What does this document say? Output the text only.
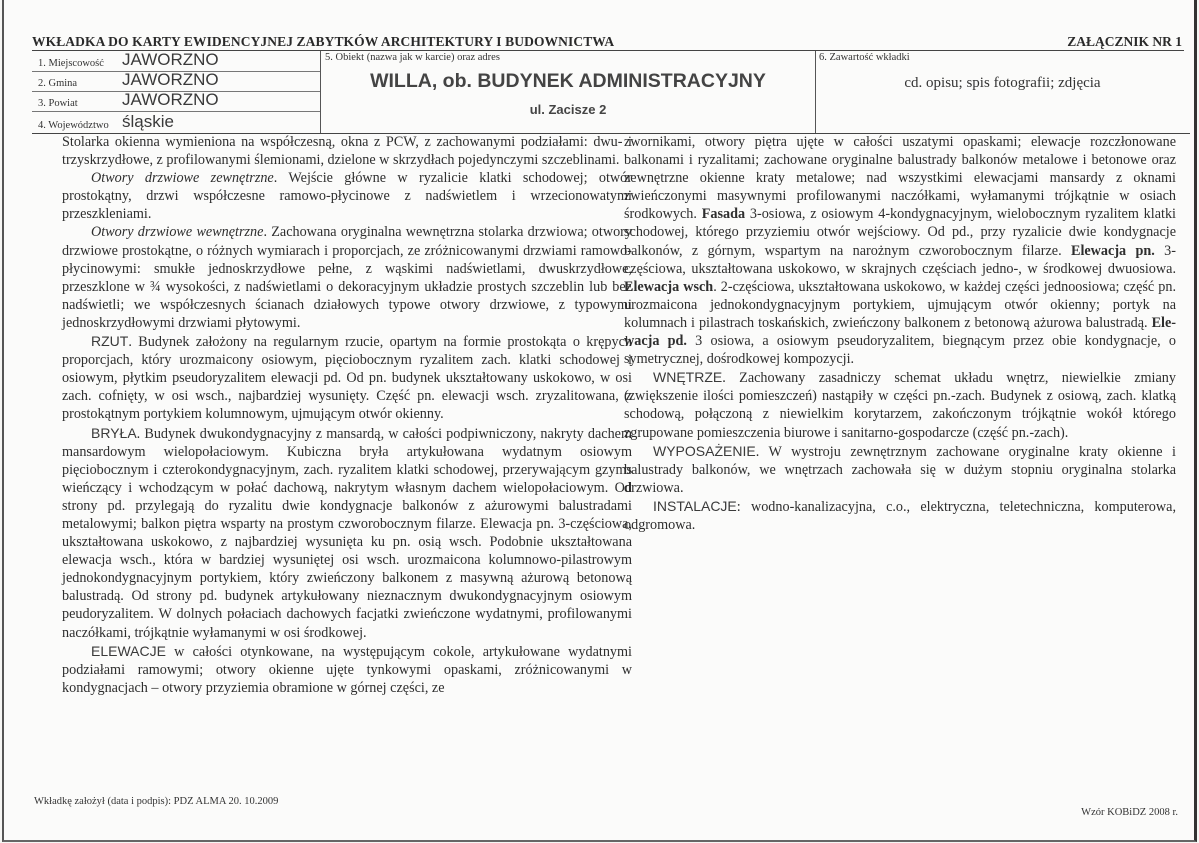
WKŁADKA DO KARTY EWIDENCYJNEJ ZABYTKÓW ARCHITEKTURY I BUDOWNICTWA	ZAŁĄCZNIK NR 1
1. Miejscowość JAWORZNO
2. Gmina	JAWORZNO
3. Powiat	JAWORZNO
4. Województwo śląskie
5. Obiekt (nazwa jak w karcie) oraz adres
WILLA, ob. BUDYNEK ADMINISTRACYJNY
ul. Zacisze 2
6. Zawartość wkładki
cd. opisu; spis fotografii; zdjęcia

Stolarka okienna wymieniona na współczesną, okna z PCW, z zachowanymi podziałami: dwu- i trzyskrzydłowe, z profilowanymi ślemionami, dzielone w skrzydłach pojedynczymi szczeblinami.

Otwory drzwiowe zewnętrzne. Wejście główne w ryzalicie klatki schodowej; otwór prostokątny, drzwi współczesne ramowo-płycinowe z nadświetlem i wrzecionowatymi przeszkleniami.

Otwory drzwiowe wewnętrzne. Zachowana oryginalna wewnętrzna stolarka drzwiowa; otwory drzwiowe prostokątne, o różnych wymiarach i proporcjach, ze zróżnicowanymi drzwiami ramowo-płycinowymi: smukłe jednoskrzydłowe pełne, z wąskimi nadświetlami, dwuskrzydłowe, przeszklone w ¾ wysokości, z nadświetlami o dekoracyjnym układzie prostych szczeblin lub bez nadświetli; we współczesnych ścianach działowych typowe otwory drzwiowe, z typowymi jednoskrzydłowymi drzwiami płytowymi.

RZUT. Budynek założony na regularnym rzucie, opartym na formie prostokąta o krępych proporcjach, który urozmaicony osiowym, pięciobocznym ryzalitem zach. klatki schodowej i osiowym, płytkim pseudoryzalitem elewacji pd. Od pn. budynek ukształtowany uskokowo, w osi zach. cofnięty, w osi wsch., najbardziej wysunięty. Część pn. elewacji wsch. zryzalitowana, z prostokątnym portykiem kolumnowym, ujmującym otwór okienny.

BRYŁA. Budynek dwukondygnacyjny z mansardą, w całości podpiwniczony, nakryty dachem mansardowym wielopołaciowym. Kubiczna bryła artykułowana wydatnym osiowym pięciobocznym i czterokondygnacyjnym, zach. ryzalitem klatki schodowej, przerywającym gzyms wieńczący i wchodzącym w połać dachową, nakrytym własnym dachem wielopołaciowym. Od strony pd. przylegają do ryzalitu dwie kondygnacje balkonów z ażurowymi balustradami metalowymi; balkon piętra wsparty na prostym czworobocznym filarze. Elewacja pn. 3-częściowa, ukształtowana uskokowo, z najbardziej wysunięta ku pn. osią wsch. Podobnie ukształtowana elewacja wsch., która w bardziej wysuniętej osi wsch. urozmaicona kolumnowo-pilastrowym jednokondygnacyjnym portykiem, który zwieńczony balkonem z masywną ażurową betonową balustradą. Od strony pd. budynek artykułowany nieznacznym dwukondygnacyjnym osiowym peudoryzalitem. W dolnych połaciach dachowych facjatki zwieńczone wydatnymi, profilowanymi naczółkami, trójkątnie wyłamanymi w osi środkowej.

ELEWACJE w całości otynkowane, na występującym cokole, artykułowane wydatnymi podziałami ramowymi; otwory okienne ujęte tynkowymi opaskami, zróżnicowanymi w kondygnacjach – otwory przyziemia obramione w górnej części, ze

zwornikami, otwory piętra ujęte w całości uszatymi opaskami; elewacje rozczłonowane balkonami i ryzalitami; zachowane oryginalne balustrady balkonów metalowe i betonowe oraz zewnętrzne okienne kraty metalowe; nad wszystkimi elewacjami mansardy z oknami zwieńczonymi masywnymi profilowanymi naczółkami, wyłamanymi trójkątnie w osiach środkowych. Fasada 3-osiowa, z osiowym 4-kondygnacyjnym, wielobocznym ryzalitem klatki schodowej, którego przyziemiu otwór wejściowy. Od pd., przy ryzalicie dwie kondygnacje balkonów, z górnym, wspartym na narożnym czworobocznym filarze. Elewacja pn. 3-częściowa, ukształtowana uskokowo, w skrajnych częściach jedno-, w środkowej dwuosiowa. Elewacja wsch. 2-częściowa, ukształtowana uskokowo, w każdej części jednoosiowa; część pn. urozmaicona jednokondygnacyjnym portykiem, ujmującym otwór okienny; portyk na kolumnach i pilastrach toskańskich, zwieńczony balkonem z betonową ażurowa balustradą. Elewacja pd. 3 osiowa, a osiowym pseudoryzalitem, biegnącym przez obie kondygnacje, o symetrycznej, dośrodkowej kompozycji.

WNĘTRZE. Zachowany zasadniczy schemat układu wnętrz, niewielkie zmiany (zwiększenie ilości pomieszczeń) nastąpiły w części pn.-zach. Budynek z osiową, zach. klatką schodową, połączoną z niewielkim korytarzem, zakończonym trójkątnie wokół którego zgrupowane pomieszczenia biurowe i sanitarno-gospodarcze (część pn.-zach).

WYPOSAŻENIE. W wystroju zewnętrznym zachowane oryginalne kraty okienne i balustrady balkonów, we wnętrzach zachowała się w dużym stopniu oryginalna stolarka drzwiowa.

INSTALACJE: wodno-kanalizacyjna, c.o., elektryczna, teletechniczna, komputerowa, odgromowa.

Wkładkę założył (data i podpis): PDZ ALMA 20. 10.2009
Wzór KOBiDZ 2008 r.
